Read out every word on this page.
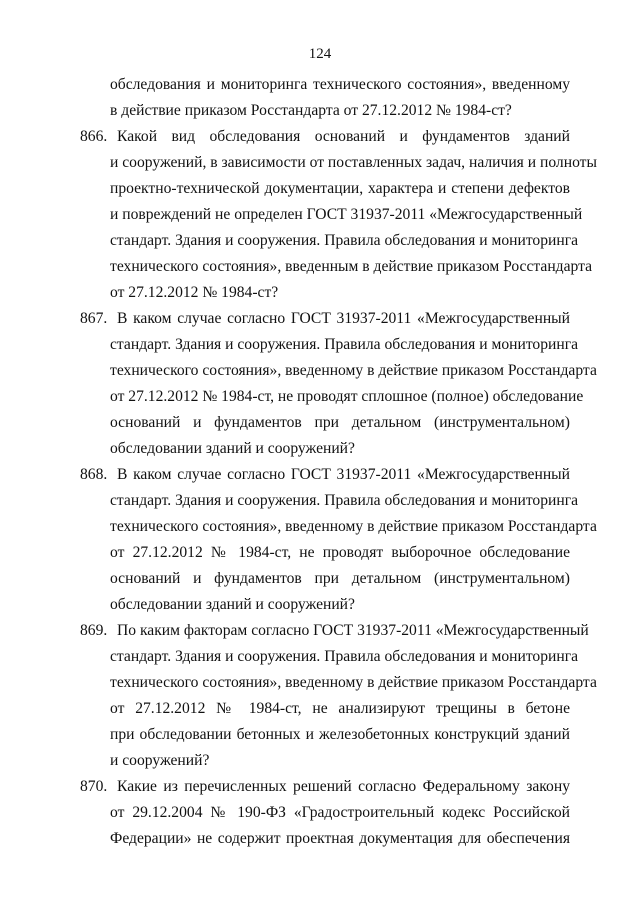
124
обследования и мониторинга технического состояния», введенному
в действие приказом Росстандарта от 27.12.2012 № 1984-ст?
866. Какой вид обследования оснований и фундаментов зданий
и сооружений, в зависимости от поставленных задач, наличия и полноты
проектно-технической документации, характера и степени дефектов
и повреждений не определен ГОСТ 31937-2011 «Межгосударственный
стандарт. Здания и сооружения. Правила обследования и мониторинга
технического состояния», введенным в действие приказом Росстандарта
от 27.12.2012 № 1984-ст?
867. В каком случае согласно ГОСТ 31937-2011 «Межгосударственный
стандарт. Здания и сооружения. Правила обследования и мониторинга
технического состояния», введенному в действие приказом Росстандарта
от 27.12.2012 № 1984-ст, не проводят сплошное (полное) обследование
оснований и фундаментов при детальном (инструментальном)
обследовании зданий и сооружений?
868. В каком случае согласно ГОСТ 31937-2011 «Межгосударственный
стандарт. Здания и сооружения. Правила обследования и мониторинга
технического состояния», введенному в действие приказом Росстандарта
от 27.12.2012 № 1984-ст, не проводят выборочное обследование
оснований и фундаментов при детальном (инструментальном)
обследовании зданий и сооружений?
869. По каким факторам согласно ГОСТ 31937-2011 «Межгосударственный
стандарт. Здания и сооружения. Правила обследования и мониторинга
технического состояния», введенному в действие приказом Росстандарта
от 27.12.2012 № 1984-ст, не анализируют трещины в бетоне
при обследовании бетонных и железобетонных конструкций зданий
и сооружений?
870. Какие из перечисленных решений согласно Федеральному закону
от 29.12.2004 № 190-ФЗ «Градостроительный кодекс Российской
Федерации» не содержит проектная документация для обеспечения
